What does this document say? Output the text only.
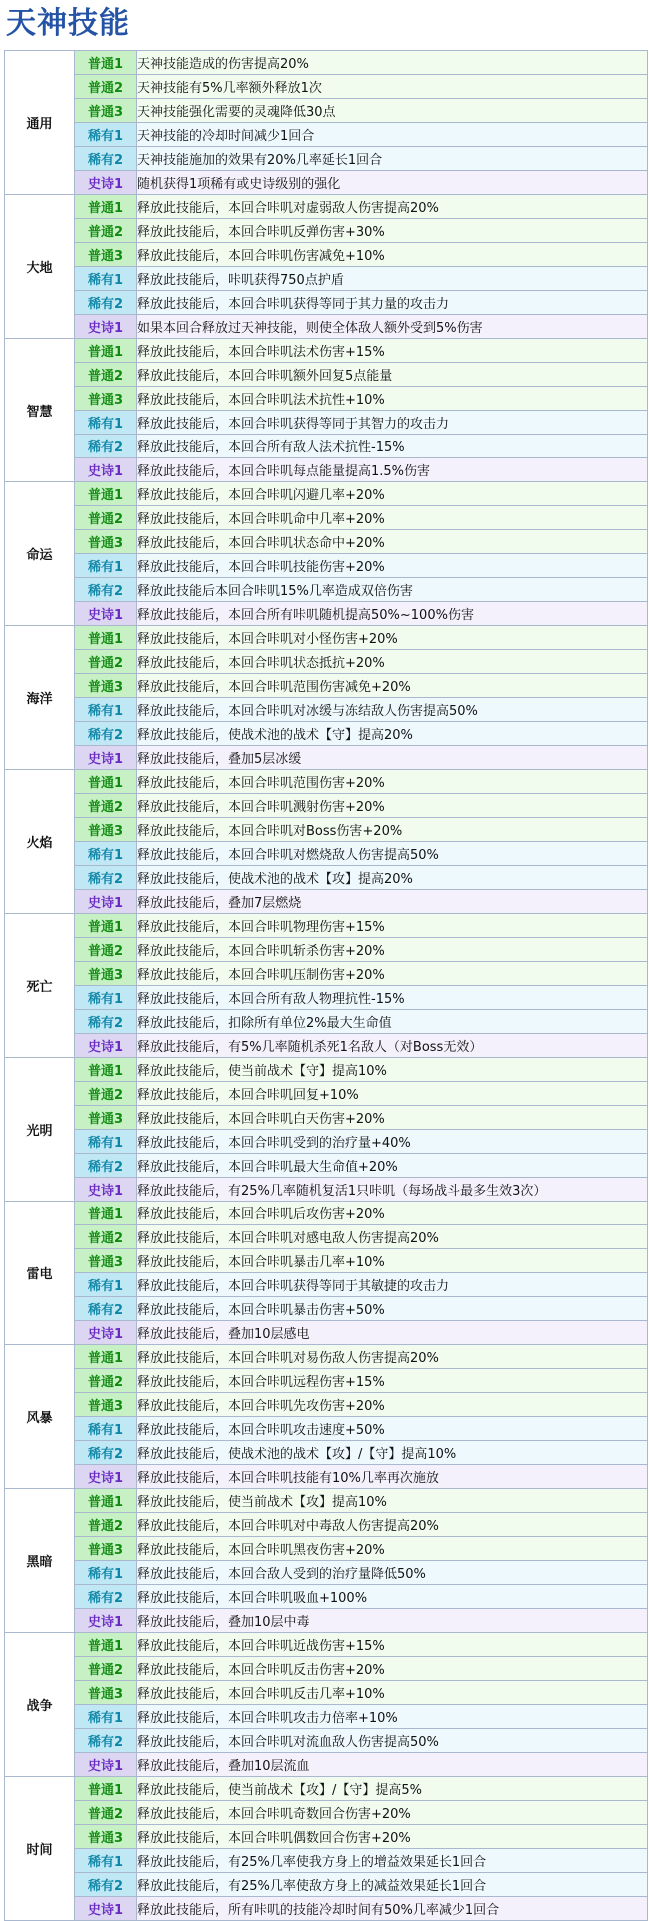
天神技能
通用	普通1	天神技能造成的伤害提高20%
	普通2	天神技能有5%几率额外释放1次
	普通3	天神技能强化需要的灵魂降低30点
	稀有1	天神技能的冷却时间减少1回合
	稀有2	天神技能施加的效果有20%几率延长1回合
	史诗1	随机获得1项稀有或史诗级别的强化
大地	普通1	释放此技能后，本回合咔叽对虚弱敌人伤害提高20%
	普通2	释放此技能后，本回合咔叽反弹伤害+30%
	普通3	释放此技能后，本回合咔叽伤害减免+10%
	稀有1	释放此技能后，咔叽获得750点护盾
	稀有2	释放此技能后，本回合咔叽获得等同于其力量的攻击力
	史诗1	如果本回合释放过天神技能，则使全体敌人额外受到5%伤害
智慧	普通1	释放此技能后，本回合咔叽法术伤害+15%
	普通2	释放此技能后，本回合咔叽额外回复5点能量
	普通3	释放此技能后，本回合咔叽法术抗性+10%
	稀有1	释放此技能后，本回合咔叽获得等同于其智力的攻击力
	稀有2	释放此技能后，本回合所有敌人法术抗性-15%
	史诗1	释放此技能后，本回合咔叽每点能量提高1.5%伤害
命运	普通1	释放此技能后，本回合咔叽闪避几率+20%
	普通2	释放此技能后，本回合咔叽命中几率+20%
	普通3	释放此技能后，本回合咔叽状态命中+20%
	稀有1	释放此技能后，本回合咔叽技能伤害+20%
	稀有2	释放此技能后本回合咔叽15%几率造成双倍伤害
	史诗1	释放此技能后，本回合所有咔叽随机提高50%~100%伤害
海洋	普通1	释放此技能后，本回合咔叽对小怪伤害+20%
	普通2	释放此技能后，本回合咔叽状态抵抗+20%
	普通3	释放此技能后，本回合咔叽范围伤害减免+20%
	稀有1	释放此技能后，本回合咔叽对冰缓与冻结敌人伤害提高50%
	稀有2	释放此技能后，使战术池的战术【守】提高20%
	史诗1	释放此技能后，叠加5层冰缓
火焰	普通1	释放此技能后，本回合咔叽范围伤害+20%
	普通2	释放此技能后，本回合咔叽溅射伤害+20%
	普通3	释放此技能后，本回合咔叽对Boss伤害+20%
	稀有1	释放此技能后，本回合咔叽对燃烧敌人伤害提高50%
	稀有2	释放此技能后，使战术池的战术【攻】提高20%
	史诗1	释放此技能后，叠加7层燃烧
死亡	普通1	释放此技能后，本回合咔叽物理伤害+15%
	普通2	释放此技能后，本回合咔叽斩杀伤害+20%
	普通3	释放此技能后，本回合咔叽压制伤害+20%
	稀有1	释放此技能后，本回合所有敌人物理抗性-15%
	稀有2	释放此技能后，扣除所有单位2%最大生命值
	史诗1	释放此技能后，有5%几率随机杀死1名敌人（对Boss无效）
光明	普通1	释放此技能后，使当前战术【守】提高10%
	普通2	释放此技能后，本回合咔叽回复+10%
	普通3	释放此技能后，本回合咔叽白天伤害+20%
	稀有1	释放此技能后，本回合咔叽受到的治疗量+40%
	稀有2	释放此技能后，本回合咔叽最大生命值+20%
	史诗1	释放此技能后，有25%几率随机复活1只咔叽（每场战斗最多生效3次）
雷电	普通1	释放此技能后，本回合咔叽后攻伤害+20%
	普通2	释放此技能后，本回合咔叽对感电敌人伤害提高20%
	普通3	释放此技能后，本回合咔叽暴击几率+10%
	稀有1	释放此技能后，本回合咔叽获得等同于其敏捷的攻击力
	稀有2	释放此技能后，本回合咔叽暴击伤害+50%
	史诗1	释放此技能后，叠加10层感电
风暴	普通1	释放此技能后，本回合咔叽对易伤敌人伤害提高20%
	普通2	释放此技能后，本回合咔叽远程伤害+15%
	普通3	释放此技能后，本回合咔叽先攻伤害+20%
	稀有1	释放此技能后，本回合咔叽攻击速度+50%
	稀有2	释放此技能后，使战术池的战术【攻】/【守】提高10%
	史诗1	释放此技能后，本回合咔叽技能有10%几率再次施放
黑暗	普通1	释放此技能后，使当前战术【攻】提高10%
	普通2	释放此技能后，本回合咔叽对中毒敌人伤害提高20%
	普通3	释放此技能后，本回合咔叽黑夜伤害+20%
	稀有1	释放此技能后，本回合敌人受到的治疗量降低50%
	稀有2	释放此技能后，本回合咔叽吸血+100%
	史诗1	释放此技能后，叠加10层中毒
战争	普通1	释放此技能后，本回合咔叽近战伤害+15%
	普通2	释放此技能后，本回合咔叽反击伤害+20%
	普通3	释放此技能后，本回合咔叽反击几率+10%
	稀有1	释放此技能后，本回合咔叽攻击力倍率+10%
	稀有2	释放此技能后，本回合咔叽对流血敌人伤害提高50%
	史诗1	释放此技能后，叠加10层流血
时间	普通1	释放此技能后，使当前战术【攻】/【守】提高5%
	普通2	释放此技能后，本回合咔叽奇数回合伤害+20%
	普通3	释放此技能后，本回合咔叽偶数回合伤害+20%
	稀有1	释放此技能后，有25%几率使我方身上的增益效果延长1回合
	稀有2	释放此技能后，有25%几率使敌方身上的减益效果延长1回合
	史诗1	释放此技能后，所有咔叽的技能冷却时间有50%几率减少1回合
